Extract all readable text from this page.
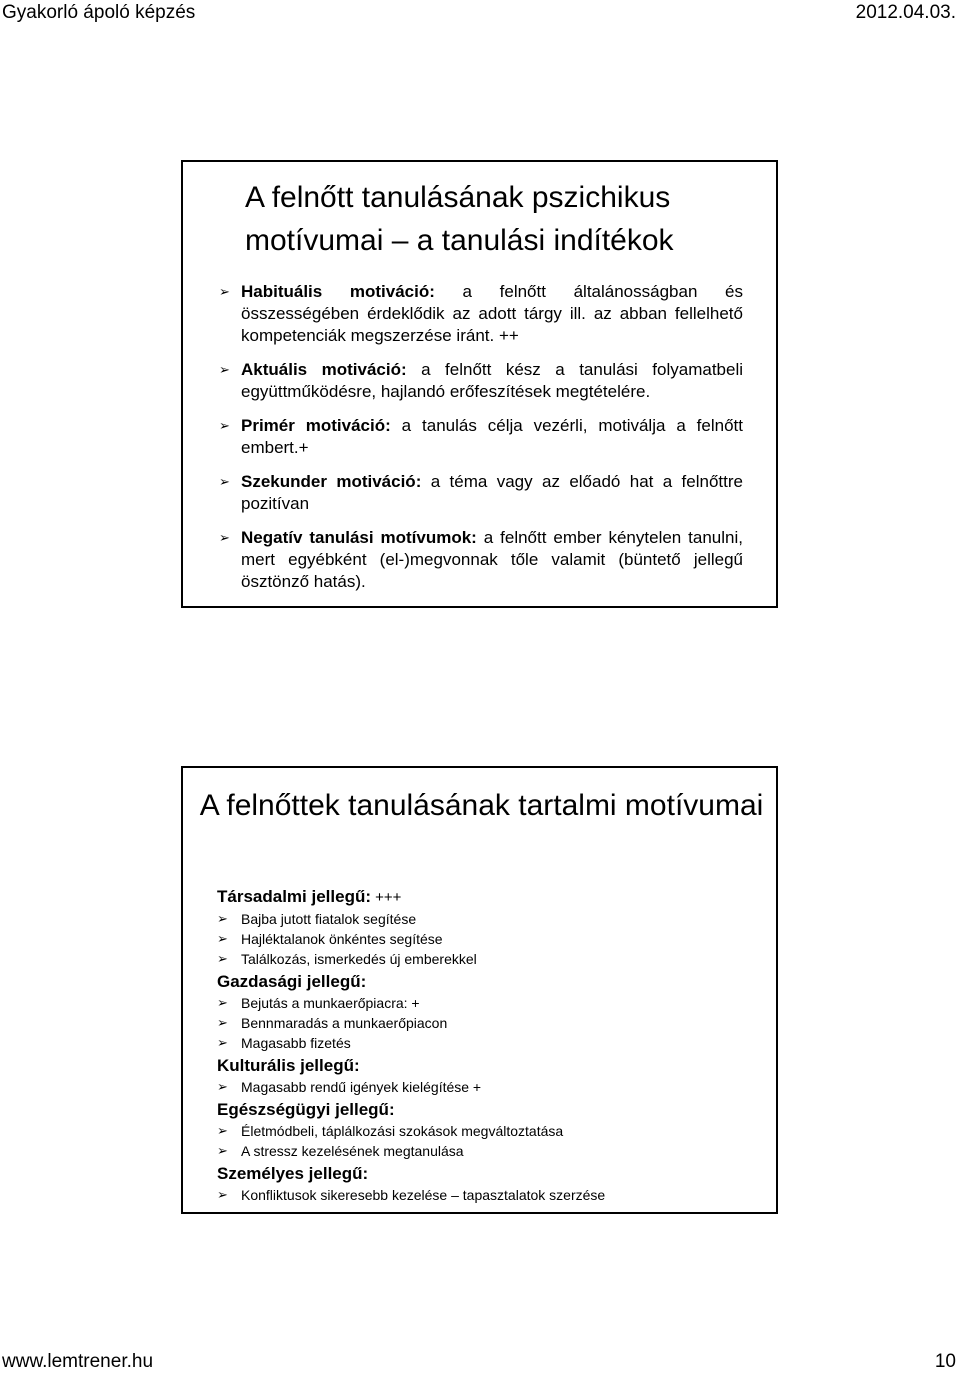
Gyakorló ápoló képzés	2012.04.03.
A felnőtt tanulásának pszichikus motívumai – a tanulási indítékok
➢ Habituális motiváció: a felnőtt általánosságban és összességében érdeklődik az adott tárgy ill. az abban fellelhető kompetenciák megszerzése iránt. ++
➢ Aktuális motiváció: a felnőtt kész a tanulási folyamatbeli együttműködésre, hajlandó erőfeszítések megtételére.
➢ Primér motiváció: a tanulás célja vezérli, motiválja a felnőtt embert.+
➢ Szekunder motiváció: a téma vagy az előadó hat a felnőttre pozitívan
➢ Negatív tanulási motívumok: a felnőtt ember kénytelen tanulni, mert egyébként (el-)megvonnak tőle valamit (büntető jellegű ösztönző hatás).
A felnőttek tanulásának tartalmi motívumai
Társadalmi jellegű: +++
➢ Bajba jutott fiatalok segítése
➢ Hajléktalanok önkéntes segítése
➢ Találkozás, ismerkedés új emberekkel
Gazdasági jellegű:
➢ Bejutás a munkaerőpiacra: +
➢ Bennmaradás a munkaerőpiacon
➢ Magasabb fizetés
Kulturális jellegű:
➢ Magasabb rendű igények kielégítése +
Egészségügyi jellegű:
➢ Életmódbeli, táplálkozási szokások megváltoztatása
➢ A stressz kezelésének megtanulása
Személyes jellegű:
➢ Konfliktusok sikeresebb kezelése – tapasztalatok szerzése
www.lemtrener.hu	10
